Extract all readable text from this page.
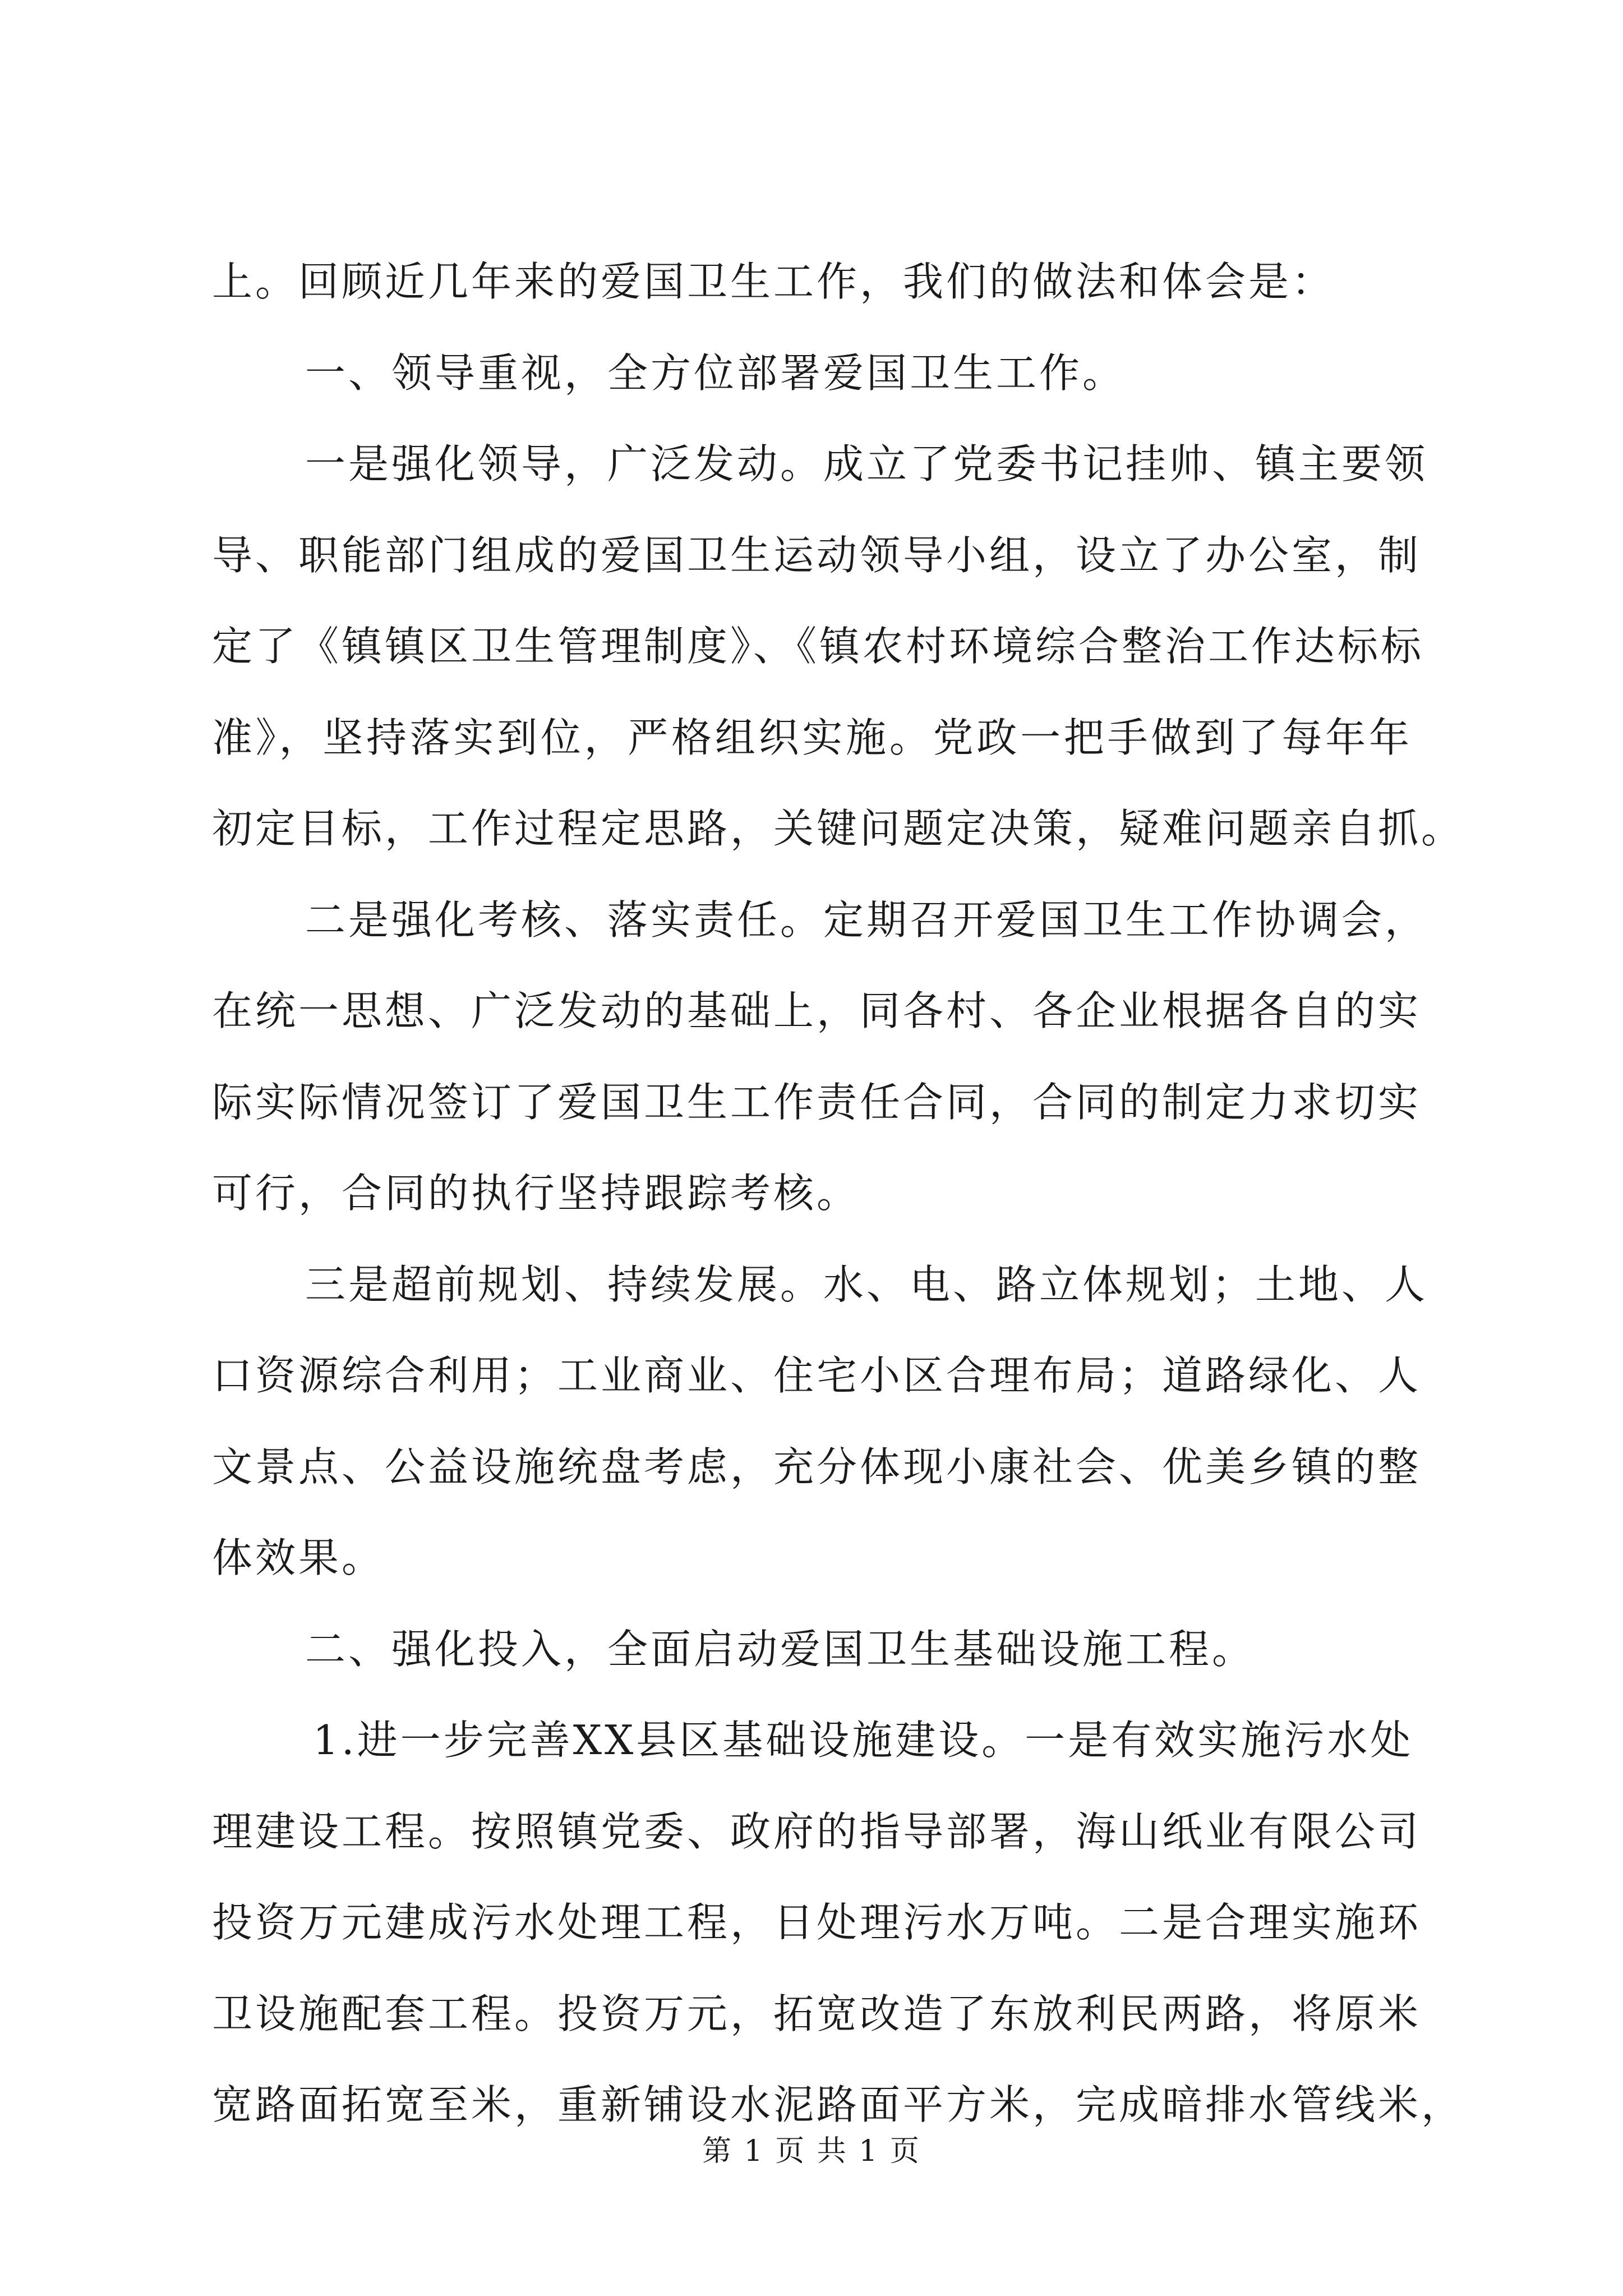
上。回顾近几年来的爱国卫生工作，我们的做法和体会是：
一、领导重视，全方位部署爱国卫生工作。
一是强化领导，广泛发动。成立了党委书记挂帅、镇主要领
导、职能部门组成的爱国卫生运动领导小组，设立了办公室，制
定了《镇镇区卫生管理制度》、《镇农村环境综合整治工作达标标
准》，坚持落实到位，严格组织实施。党政一把手做到了每年年
初定目标，工作过程定思路，关键问题定决策，疑难问题亲自抓。
二是强化考核、落实责任。定期召开爱国卫生工作协调会，
在统一思想、广泛发动的基础上，同各村、各企业根据各自的实
际实际情况签订了爱国卫生工作责任合同，合同的制定力求切实
可行，合同的执行坚持跟踪考核。
三是超前规划、持续发展。水、电、路立体规划；土地、人
口资源综合利用；工业商业、住宅小区合理布局；道路绿化、人
文景点、公益设施统盘考虑，充分体现小康社会、优美乡镇的整
体效果。
二、强化投入，全面启动爱国卫生基础设施工程。
1.进一步完善XX县区基础设施建设。一是有效实施污水处
理建设工程。按照镇党委、政府的指导部署，海山纸业有限公司
投资万元建成污水处理工程，日处理污水万吨。二是合理实施环
卫设施配套工程。投资万元，拓宽改造了东放利民两路，将原米
宽路面拓宽至米，重新铺设水泥路面平方米，完成暗排水管线米，
第 1 页 共 1 页
